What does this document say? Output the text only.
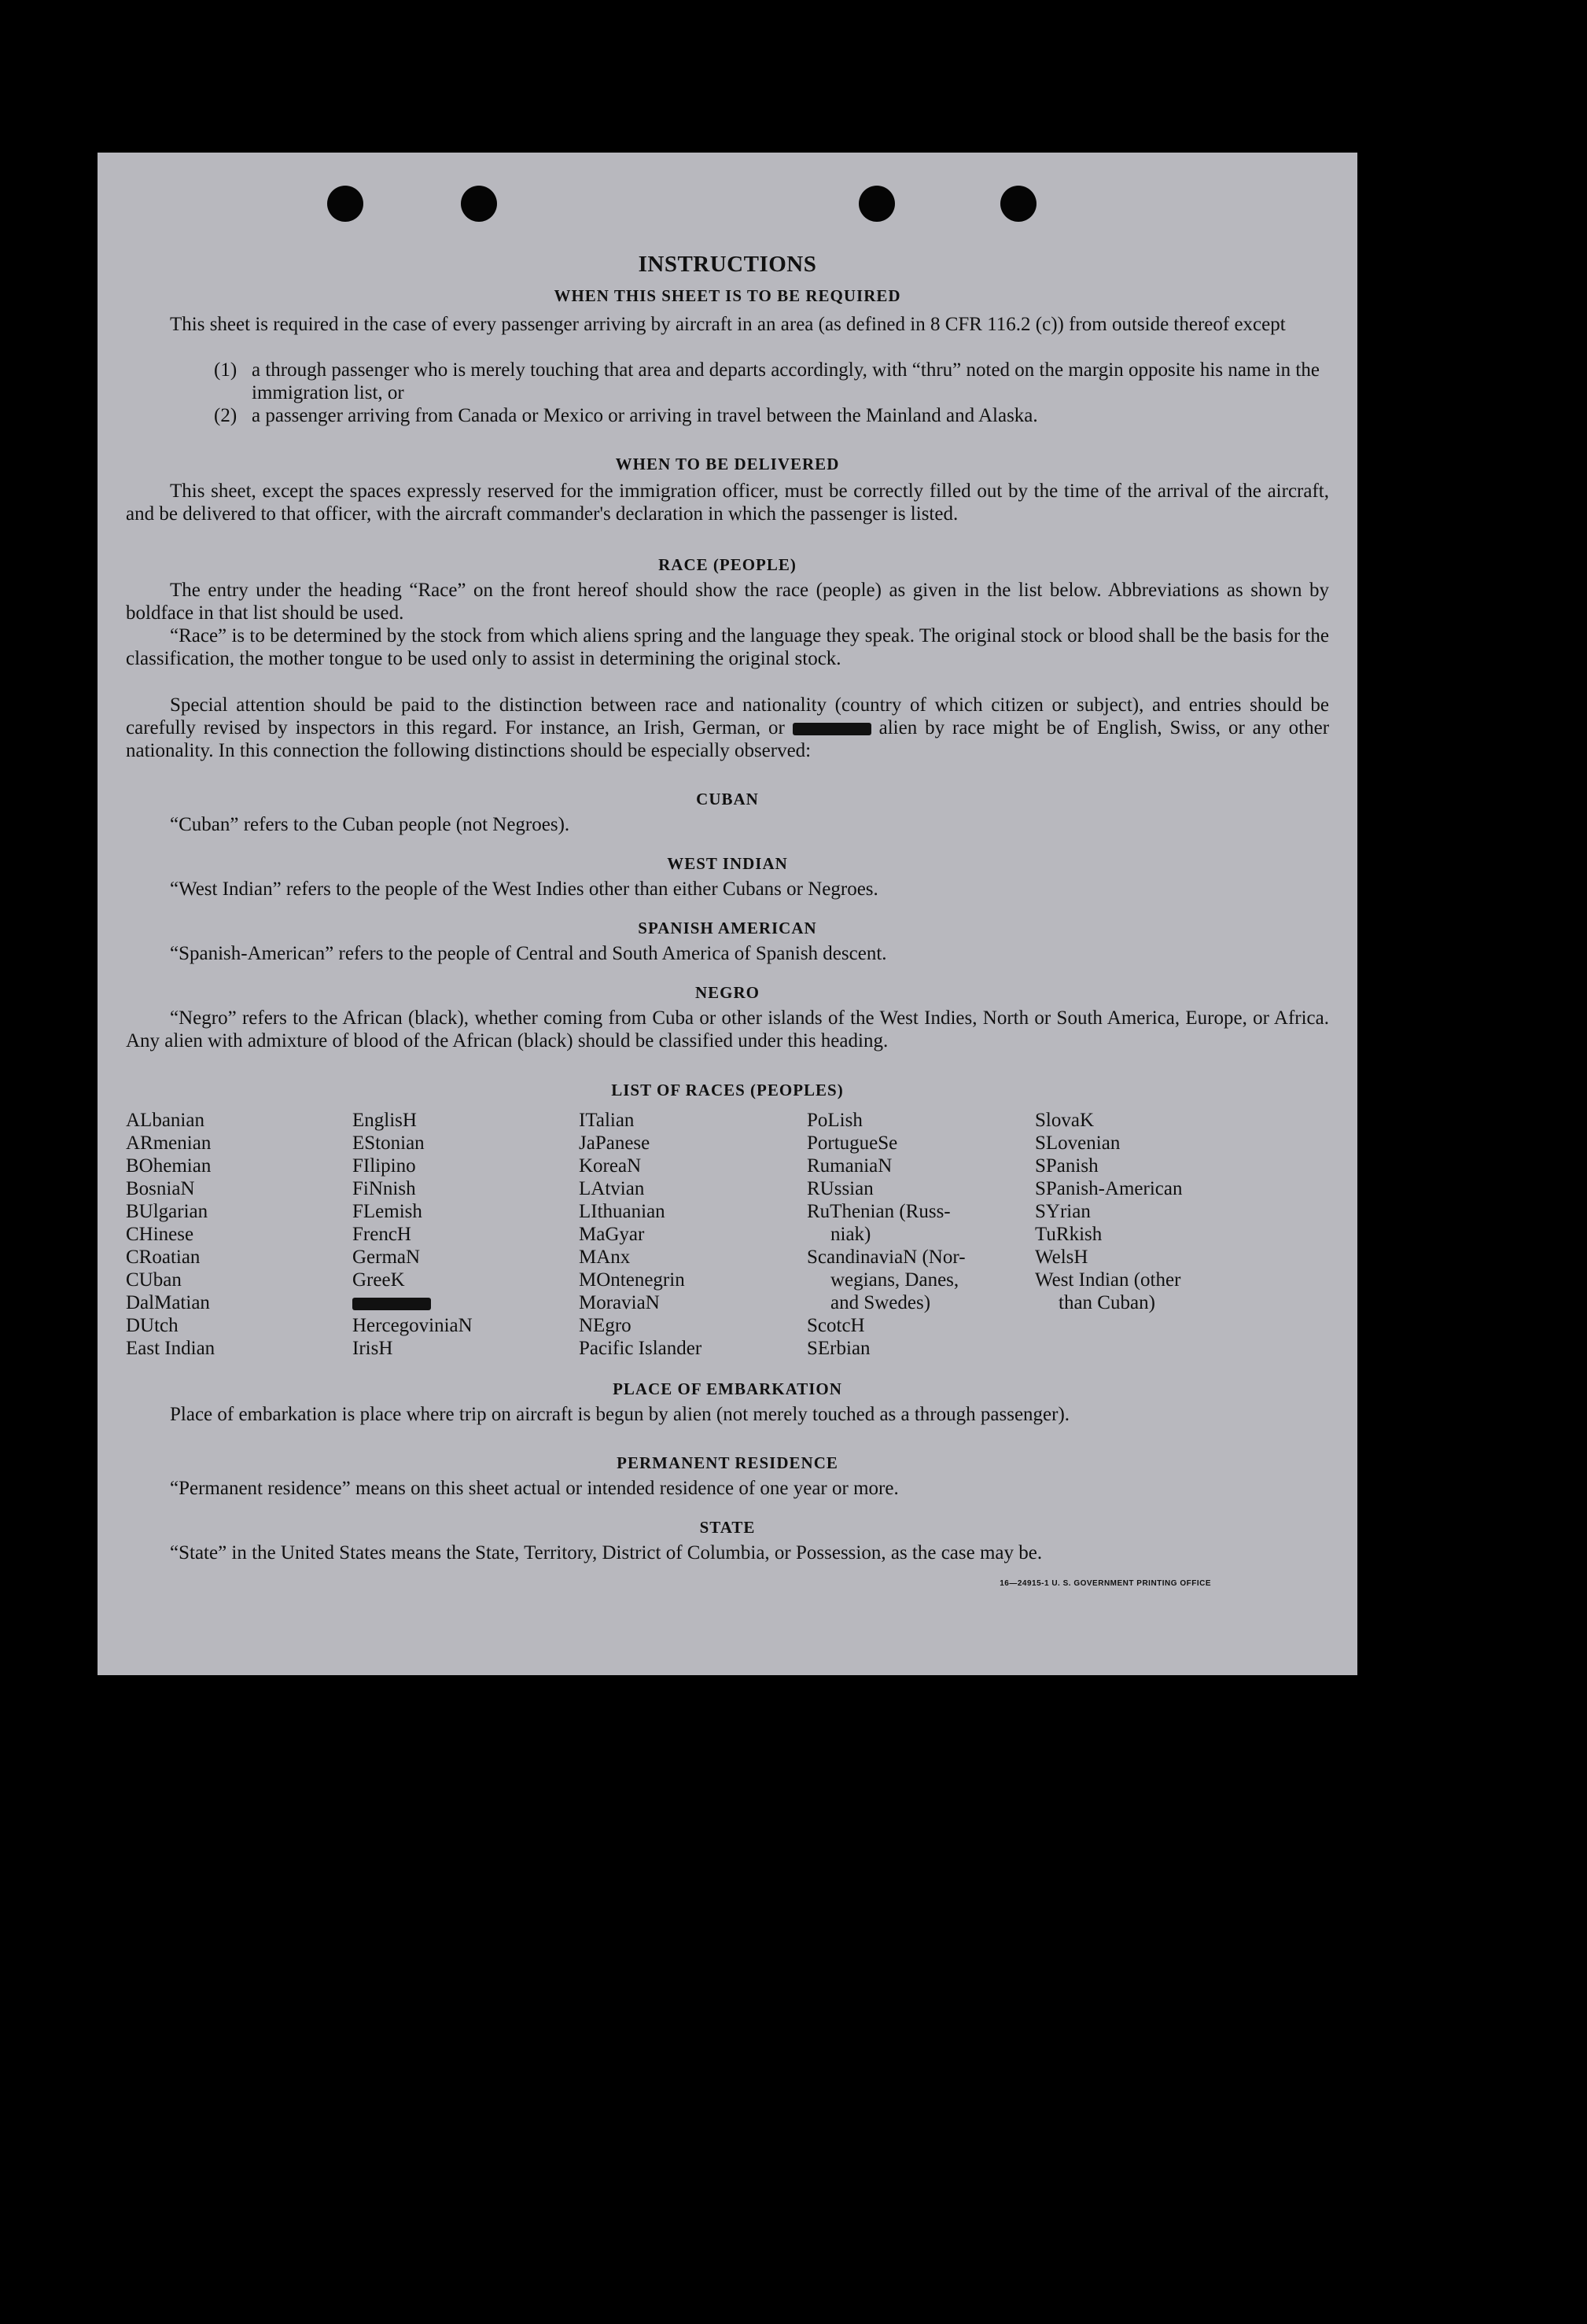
INSTRUCTIONS
WHEN THIS SHEET IS TO BE REQUIRED
This sheet is required in the case of every passenger arriving by aircraft in an area (as defined in 8 CFR 116.2 (c)) from outside thereof except
(1) a through passenger who is merely touching that area and departs accordingly, with “thru” noted on the margin opposite his name in the immigration list, or
(2) a passenger arriving from Canada or Mexico or arriving in travel between the Mainland and Alaska.
WHEN TO BE DELIVERED
This sheet, except the spaces expressly reserved for the immigration officer, must be correctly filled out by the time of the arrival of the aircraft, and be delivered to that officer, with the aircraft commander's declaration in which the passenger is listed.
RACE (PEOPLE)
The entry under the heading “Race” on the front hereof should show the race (people) as given in the list below. Abbreviations as shown by boldface in that list should be used.
“Race” is to be determined by the stock from which aliens spring and the language they speak. The original stock or blood shall be the basis for the classification, the mother tongue to be used only to assist in determining the original stock.
Special attention should be paid to the distinction between race and nationality (country of which citizen or subject), and entries should be carefully revised by inspectors in this regard. For instance, an Irish, German, or	alien by race might be of English, Swiss, or any other nationality. In this connection the following distinctions should be especially observed:
CUBAN
“Cuban” refers to the Cuban people (not Negroes).
WEST INDIAN
“West Indian” refers to the people of the West Indies other than either Cubans or Negroes.
SPANISH AMERICAN
“Spanish-American” refers to the people of Central and South America of Spanish descent.
NEGRO
“Negro” refers to the African (black), whether coming from Cuba or other islands of the West Indies, North or South America, Europe, or Africa. Any alien with admixture of blood of the African (black) should be classified under this heading.
LIST OF RACES (PEOPLES)
ALbanian
ARmenian
BOhemian
BosniaN
BUlgarian
CHinese
CRoatian
CUban
DalMatian
DUtch
East Indian
EnglisH
EStonian
FIlipino
FiNnish
FLemish
FrencH
GermaN
GreeK
HercegoviniaN
IrisH
ITalian
JaPanese
KoreaN
LAtvian
LIthuanian
MaGyar
MAnx
MOntenegrin
MoraviaN
NEgro
Pacific Islander
PoLish
PortugueSe
RumaniaN
RUssian
RuThenian (Russ-
niak)
ScandinaviaN (Nor-
wegians, Danes,
and Swedes)
ScotcH
SErbian
SlovaK
SLovenian
SPanish
SPanish-American
SYrian
TuRkish
WelsH
West Indian (other
than Cuban)
PLACE OF EMBARKATION
Place of embarkation is place where trip on aircraft is begun by alien (not merely touched as a through passenger).
PERMANENT RESIDENCE
“Permanent residence” means on this sheet actual or intended residence of one year or more.
STATE
“State” in the United States means the State, Territory, District of Columbia, or Possession, as the case may be.
16—24915-1 U. S. GOVERNMENT PRINTING OFFICE
